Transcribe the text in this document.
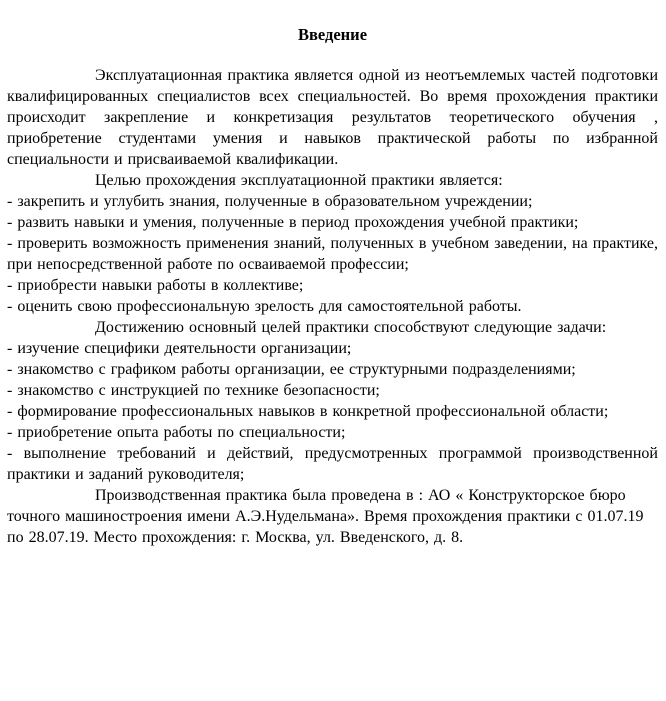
Введение

Эксплуатационная практика является одной из неотъемлемых частей подготовки квалифицированных специалистов всех специальностей. Во время прохождения практики происходит закрепление и конкретизация результатов теоретического обучения , приобретение студентами умения и навыков практической работы по избранной специальности и присваиваемой квалификации.

Целью прохождения эксплуатационной практики является:

- закрепить и углубить знания, полученные в образовательном учреждении;

- развить навыки и умения, полученные в период прохождения учебной практики;

- проверить возможность применения знаний, полученных в учебном заведении, на практике, при непосредственной работе по осваиваемой профессии;

- приобрести навыки работы в коллективе;

- оценить свою профессиональную зрелость для самостоятельной работы.

Достижению основный целей практики способствуют следующие задачи:

- изучение специфики деятельности организации;

- знакомство с графиком работы организации, ее структурными подразделениями;

- знакомство с инструкцией по технике безопасности;

- формирование профессиональных навыков в конкретной профессиональной области;

- приобретение опыта работы по специальности;

- выполнение требований и действий, предусмотренных программой производственной практики и заданий руководителя;

Производственная практика была проведена в : АО « Конструкторское бюро точного машиностроения имени А.Э.Нудельмана». Время прохождения практики с 01.07.19 по 28.07.19. Место прохождения: г. Москва, ул. Введенского, д. 8.
